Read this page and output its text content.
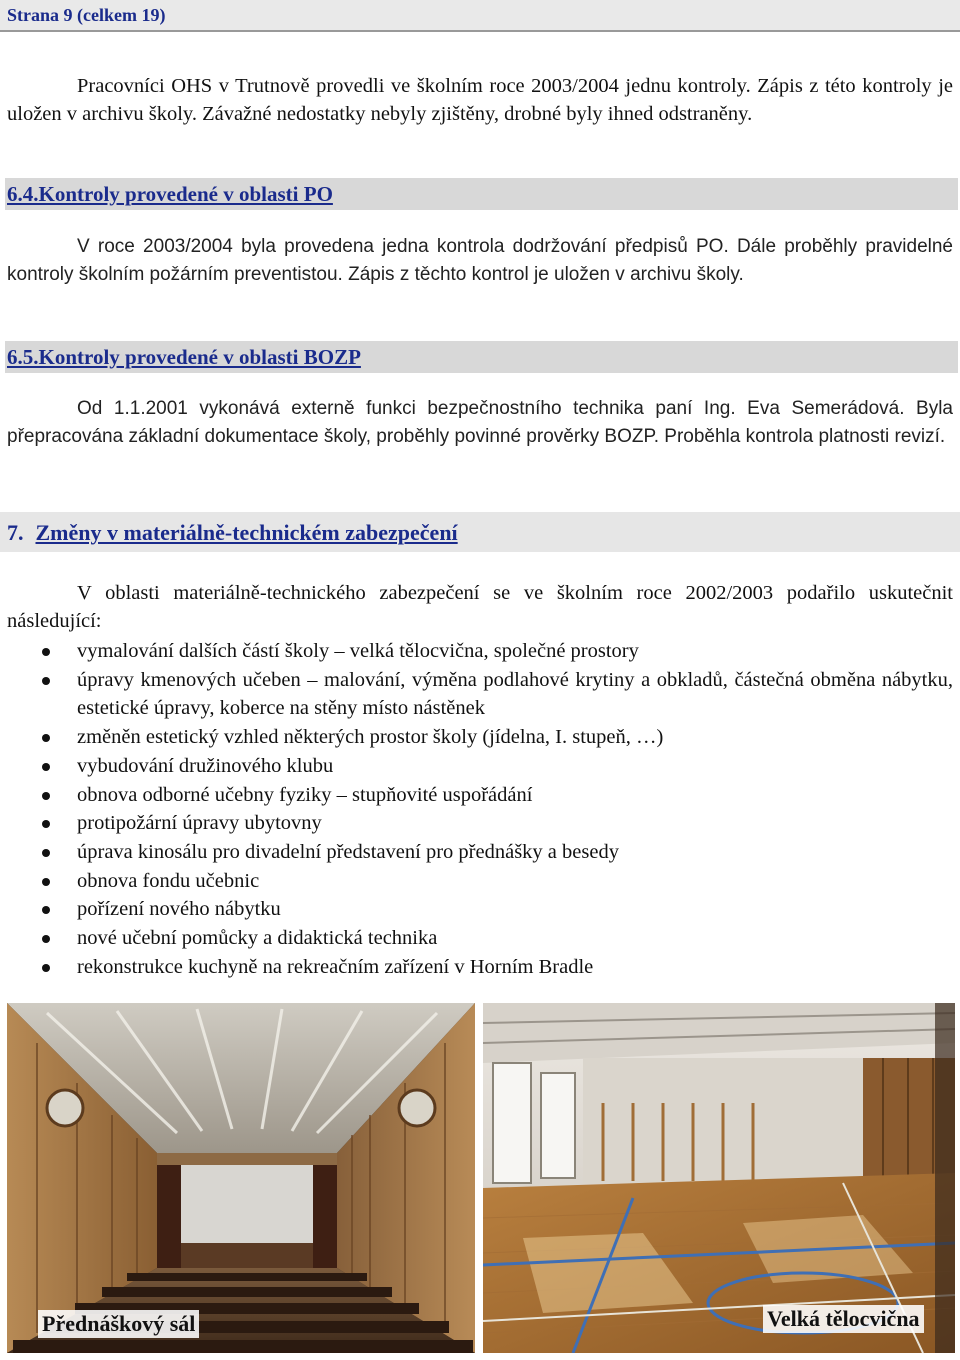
Strana 9 (celkem 19)

Pracovníci OHS v Trutnově provedli ve školním roce 2003/2004 jednu kontroly. Zápis z této kontroly je uložen v archivu školy. Závažné nedostatky nebyly zjištěny, drobné byly ihned odstraněny.

6.4.Kontroly provedené v oblasti PO

V roce 2003/2004 byla provedena jedna kontrola dodržování předpisů PO. Dále proběhly pravidelné kontroly školním požárním preventistou. Zápis z těchto kontrol je uložen v archivu školy.

6.5.Kontroly provedené v oblasti BOZP

Od 1.1.2001 vykonává externě funkci bezpečnostního technika paní Ing. Eva Semerádová. Byla přepracována základní dokumentace školy, proběhly povinné prověrky BOZP. Proběhla kontrola platnosti revizí.

7. Změny v materiálně-technickém zabezpečení

V oblasti materiálně-technického zabezpečení se ve školním roce 2002/2003 podařilo uskutečnit následující:

vymalování dalších částí školy – velká tělocvična, společné prostory
úpravy kmenových učeben – malování, výměna podlahové krytiny a obkladů, částečná obměna nábytku, estetické úpravy, koberce na stěny místo nástěnek
změněn estetický vzhled některých prostor školy (jídelna, I. stupeň, …)
vybudování družinového klubu
obnova odborné učebny fyziky – stupňovité uspořádání
protipožární úpravy ubytovny
úprava kinosálu pro divadelní představení pro přednášky a besedy
obnova fondu učebnic
pořízení nového nábytku
nové učební pomůcky a didaktická technika
rekonstrukce kuchyně na rekreačním zařízení v Horním Bradle
Přednáškový sál	Velká tělocvična
